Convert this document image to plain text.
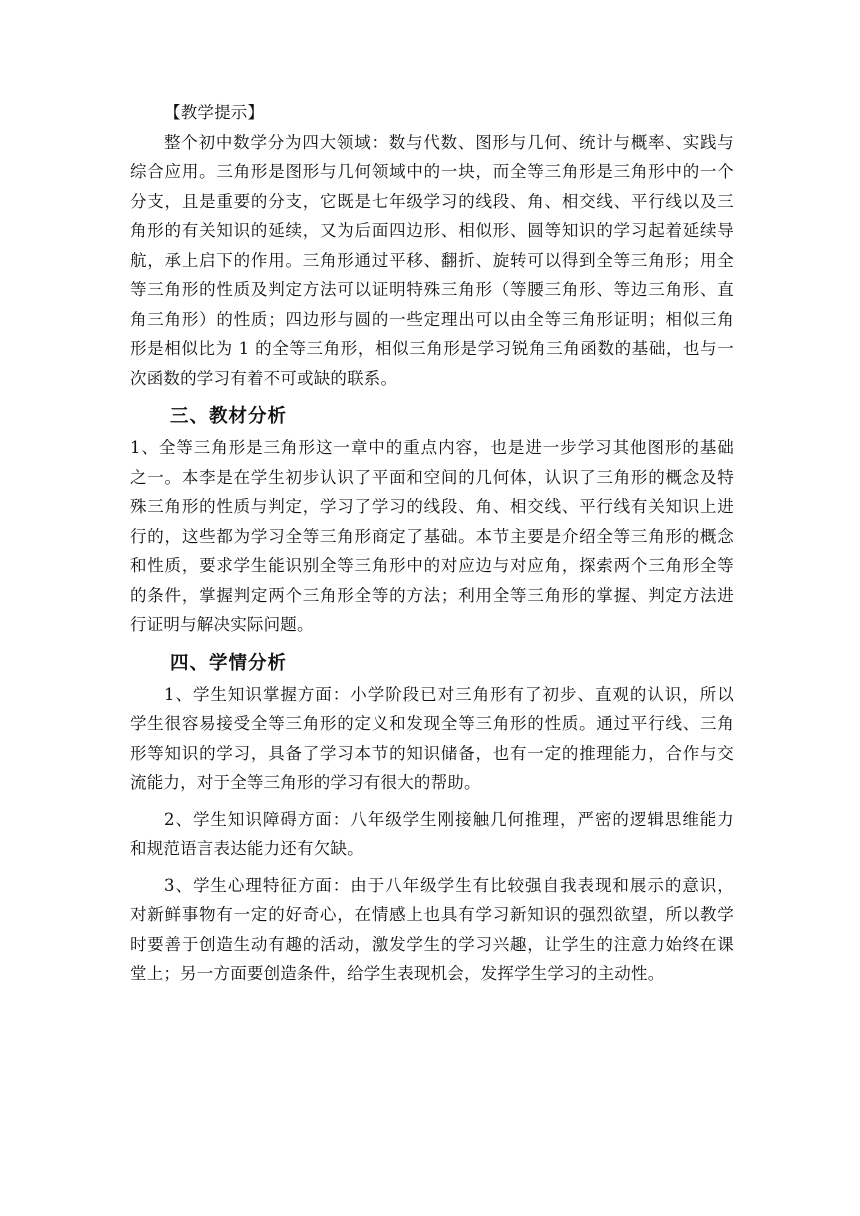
【教学提示】
整个初中数学分为四大领域：数与代数、图形与几何、统计与概率、实践与
综合应用。三角形是图形与几何领域中的一块，而全等三角形是三角形中的一个
分支，且是重要的分支，它既是七年级学习的线段、角、相交线、平行线以及三
角形的有关知识的延续，又为后面四边形、相似形、圆等知识的学习起着延续导
航，承上启下的作用。三角形通过平移、翻折、旋转可以得到全等三角形；用全
等三角形的性质及判定方法可以证明特殊三角形（等腰三角形、等边三角形、直
角三角形）的性质；四边形与圆的一些定理出可以由全等三角形证明；相似三角
形是相似比为 1 的全等三角形，相似三角形是学习锐角三角函数的基础，也与一
次函数的学习有着不可或缺的联系。
三、教材分析
1、全等三角形是三角形这一章中的重点内容，也是进一步学习其他图形的基础
之一。本李是在学生初步认识了平面和空间的几何体，认识了三角形的概念及特
殊三角形的性质与判定，学习了学习的线段、角、相交线、平行线有关知识上进
行的，这些都为学习全等三角形商定了基础。本节主要是介绍全等三角形的概念
和性质，要求学生能识别全等三角形中的对应边与对应角，探索两个三角形全等
的条件，掌握判定两个三角形全等的方法；利用全等三角形的掌握、判定方法进
行证明与解决实际问题。
四、学情分析
1、学生知识掌握方面：小学阶段已对三角形有了初步、直观的认识，所以
学生很容易接受全等三角形的定义和发现全等三角形的性质。通过平行线、三角
形等知识的学习，具备了学习本节的知识储备，也有一定的推理能力，合作与交
流能力，对于全等三角形的学习有很大的帮助。
2、学生知识障碍方面：八年级学生刚接触几何推理，严密的逻辑思维能力
和规范语言表达能力还有欠缺。
3、学生心理特征方面：由于八年级学生有比较强自我表现和展示的意识，
对新鲜事物有一定的好奇心，在情感上也具有学习新知识的强烈欲望，所以教学
时要善于创造生动有趣的活动，激发学生的学习兴趣，让学生的注意力始终在课
堂上；另一方面要创造条件，给学生表现机会，发挥学生学习的主动性。
